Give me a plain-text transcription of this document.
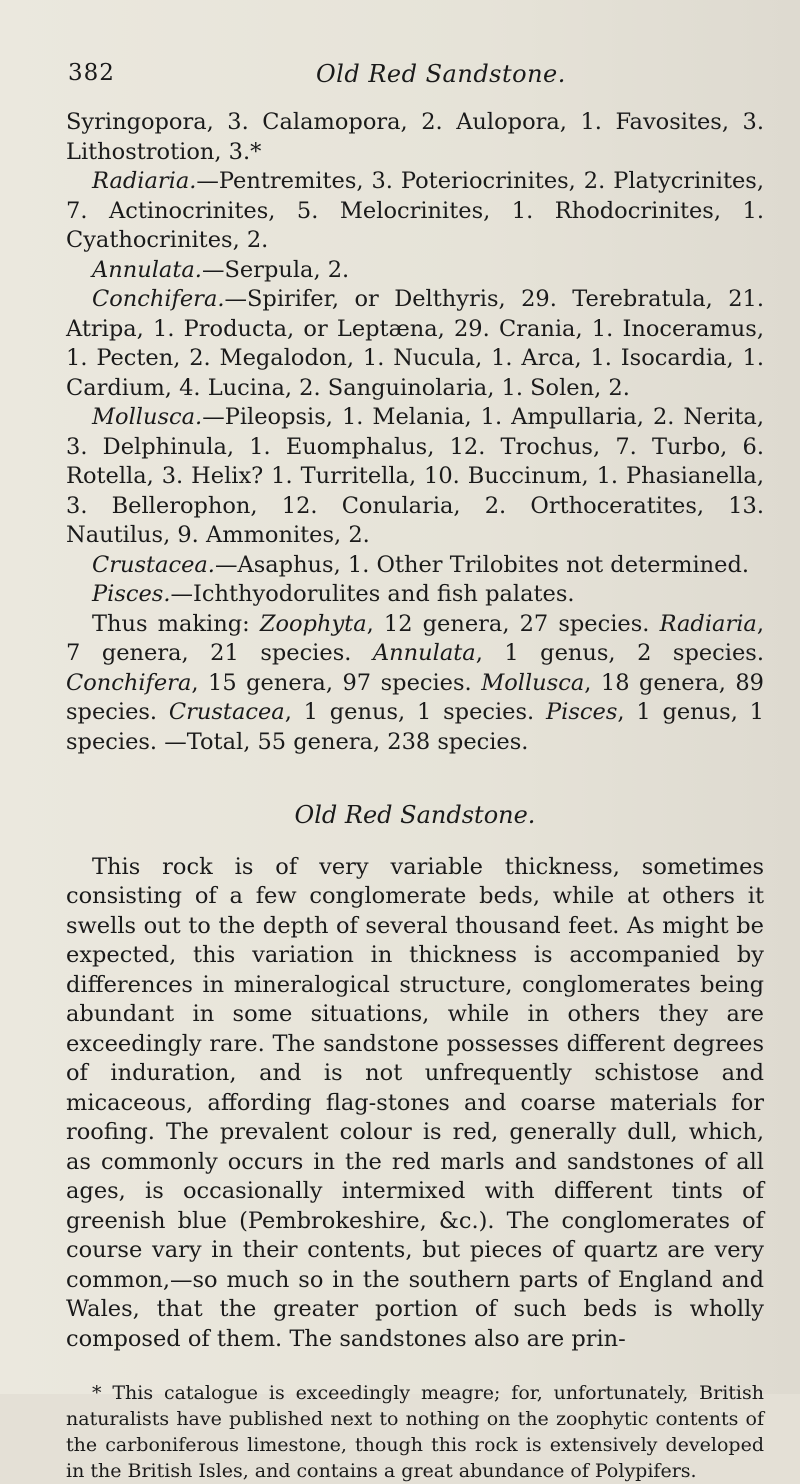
382	Old Red Sandstone.

Syringopora, 3. Calamopora, 2. Aulopora, 1. Favosites, 3. Lithostrotion, 3.*

Radiaria.—Pentremites, 3. Poteriocrinites, 2. Platycrinites, 7. Actinocrinites, 5. Melocrinites, 1. Rhodocrinites, 1. Cyathocrinites, 2.

Annulata.—Serpula, 2.

Conchifera.—Spirifer, or Delthyris, 29. Terebratula, 21. Atripa, 1. Producta, or Leptæna, 29. Crania, 1. Inoceramus, 1. Pecten, 2. Megalodon, 1. Nucula, 1. Arca, 1. Isocardia, 1. Cardium, 4. Lucina, 2. Sanguinolaria, 1. Solen, 2.

Mollusca.—Pileopsis, 1. Melania, 1. Ampullaria, 2. Nerita, 3. Delphinula, 1. Euomphalus, 12. Trochus, 7. Turbo, 6. Rotella, 3. Helix? 1. Turritella, 10. Buccinum, 1. Phasianella, 3. Bellerophon, 12. Conularia, 2. Orthoceratites, 13. Nautilus, 9. Ammonites, 2.

Crustacea.—Asaphus, 1. Other Trilobites not determined.

Pisces.—Ichthyodorulites and fish palates.

Thus making: Zoophyta, 12 genera, 27 species. Radiaria, 7 genera, 21 species. Annulata, 1 genus, 2 species. Conchifera, 15 genera, 97 species. Mollusca, 18 genera, 89 species. Crustacea, 1 genus, 1 species. Pisces, 1 genus, 1 species. —Total, 55 genera, 238 species.

Old Red Sandstone.

This rock is of very variable thickness, sometimes consisting of a few conglomerate beds, while at others it swells out to the depth of several thousand feet. As might be expected, this variation in thickness is accompanied by differences in mineralogical structure, conglomerates being abundant in some situations, while in others they are exceedingly rare. The sandstone possesses different degrees of induration, and is not unfrequently schistose and micaceous, affording flag-stones and coarse materials for roofing. The prevalent colour is red, generally dull, which, as commonly occurs in the red marls and sandstones of all ages, is occasionally intermixed with different tints of greenish blue (Pembrokeshire, &c.). The conglomerates of course vary in their contents, but pieces of quartz are very common,—so much so in the southern parts of England and Wales, that the greater portion of such beds is wholly composed of them. The sandstones also are prin-

* This catalogue is exceedingly meagre; for, unfortunately, British naturalists have published next to nothing on the zoophytic contents of the carboniferous limestone, though this rock is extensively developed in the British Isles, and contains a great abundance of Polypifers.
